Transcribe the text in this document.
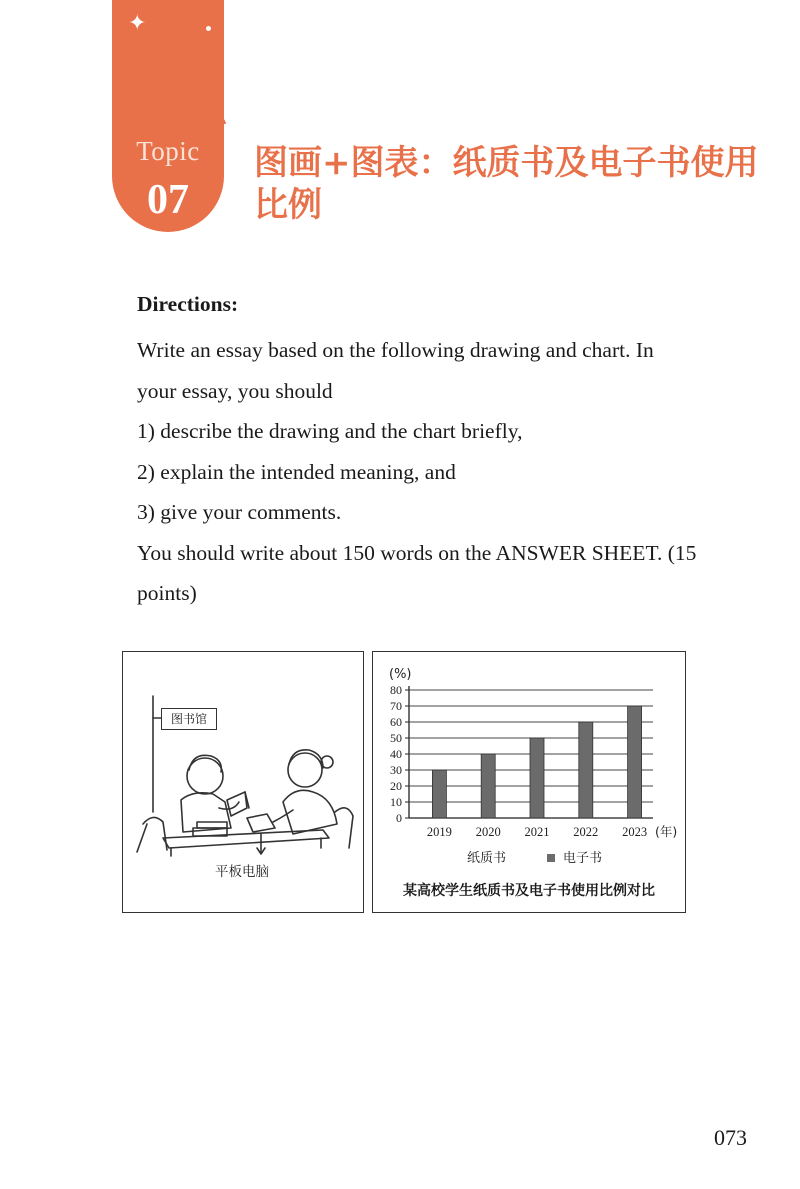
✦
Topic
07
图画+图表：纸质书及电子书使用比例
Directions:

Write an essay based on the following drawing and chart. In your essay, you should

1) describe the drawing and the chart briefly,

2) explain the intended meaning, and

3) give your comments.

You should write about 150 words on the ANSWER SHEET. (15 points)

图书馆
平板电脑
(%)
0
10
20
30
40
50
60
70
80
2019 2020 2021 2022 2023 (年)
纸质书	电子书
某高校学生纸质书及电子书使用比例对比
073
